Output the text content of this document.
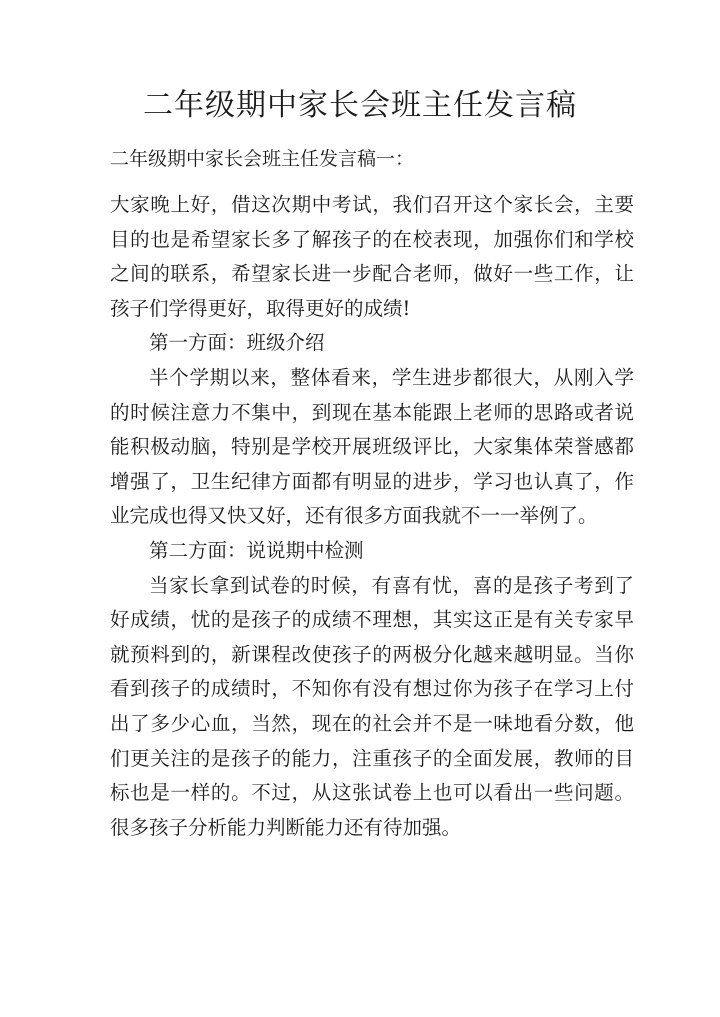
二年级期中家长会班主任发言稿

二年级期中家长会班主任发言稿一：

大家晚上好，借这次期中考试，我们召开这个家长会，主要目的也是希望家长多了解孩子的在校表现，加强你们和学校之间的联系，希望家长进一步配合老师，做好一些工作，让孩子们学得更好，取得更好的成绩!

第一方面：班级介绍

半个学期以来，整体看来，学生进步都很大，从刚入学的时候注意力不集中，到现在基本能跟上老师的思路或者说能积极动脑，特别是学校开展班级评比，大家集体荣誉感都增强了，卫生纪律方面都有明显的进步，学习也认真了，作业完成也得又快又好，还有很多方面我就不一一举例了。

第二方面：说说期中检测

当家长拿到试卷的时候，有喜有忧，喜的是孩子考到了好成绩，忧的是孩子的成绩不理想，其实这正是有关专家早就预料到的，新课程改使孩子的两极分化越来越明显。当你看到孩子的成绩时，不知你有没有想过你为孩子在学习上付出了多少心血，当然，现在的社会并不是一味地看分数，他们更关注的是孩子的能力，注重孩子的全面发展，教师的目标也是一样的。不过，从这张试卷上也可以看出一些问题。很多孩子分析能力判断能力还有待加强。
